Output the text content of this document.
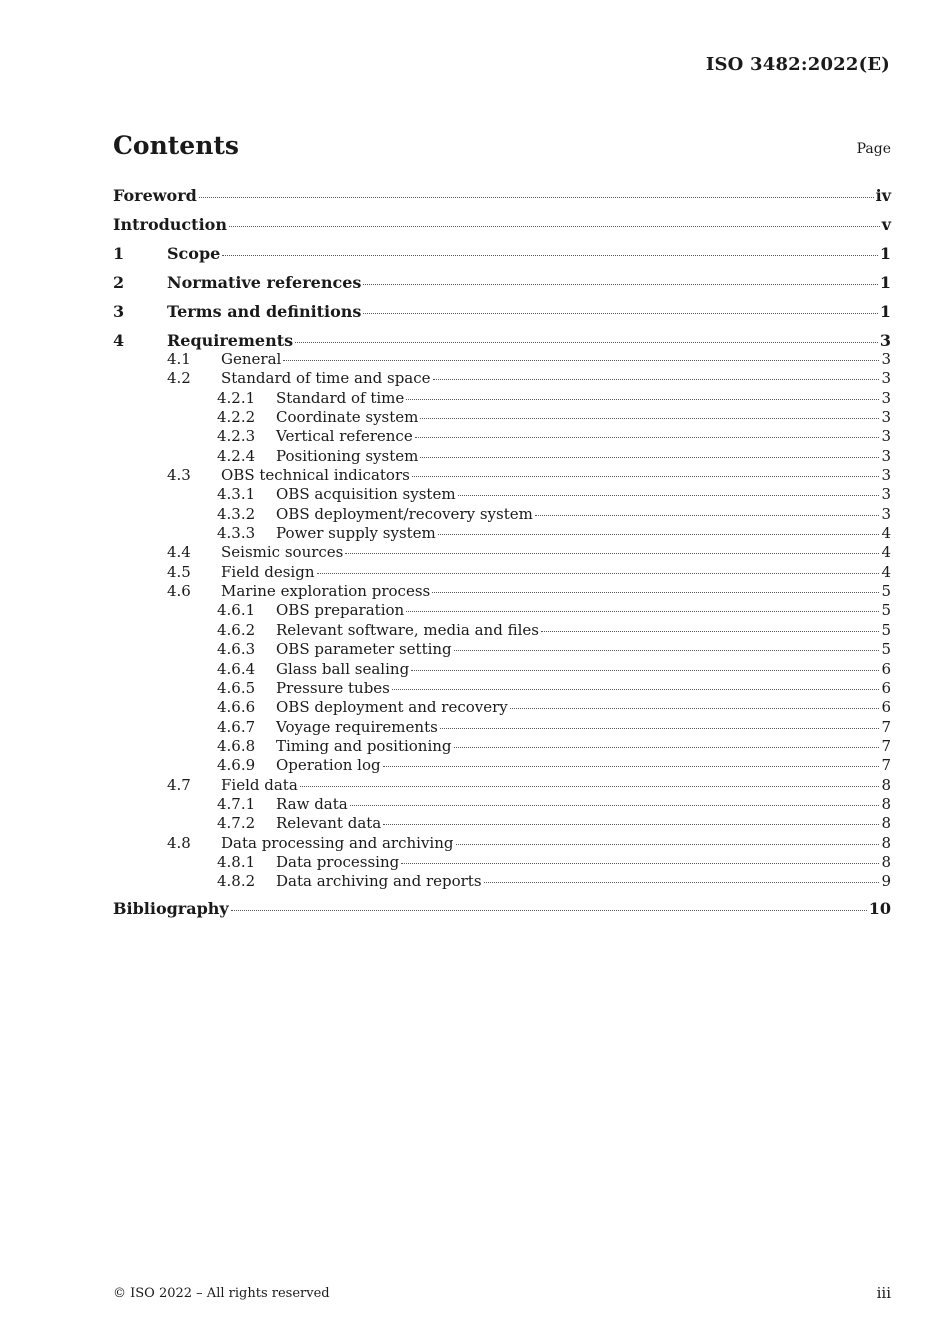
ISO 3482:2022(E)
Contents	Page
Foreword	iv
Introduction	v
1	Scope	1
2	Normative references	1
3	Terms and definitions	1
4	Requirements	3
4.1	General	3
4.2	Standard of time and space	3
4.2.1	Standard of time	3
4.2.2	Coordinate system	3
4.2.3	Vertical reference	3
4.2.4	Positioning system	3
4.3	OBS technical indicators	3
4.3.1	OBS acquisition system	3
4.3.2	OBS deployment/recovery system	3
4.3.3	Power supply system	4
4.4	Seismic sources	4
4.5	Field design	4
4.6	Marine exploration process	5
4.6.1	OBS preparation	5
4.6.2	Relevant software, media and files	5
4.6.3	OBS parameter setting	5
4.6.4	Glass ball sealing	6
4.6.5	Pressure tubes	6
4.6.6	OBS deployment and recovery	6
4.6.7	Voyage requirements	7
4.6.8	Timing and positioning	7
4.6.9	Operation log	7
4.7	Field data	8
4.7.1	Raw data	8
4.7.2	Relevant data	8
4.8	Data processing and archiving	8
4.8.1	Data processing	8
4.8.2	Data archiving and reports	9
Bibliography	10
© ISO 2022 – All rights reserved	iii
